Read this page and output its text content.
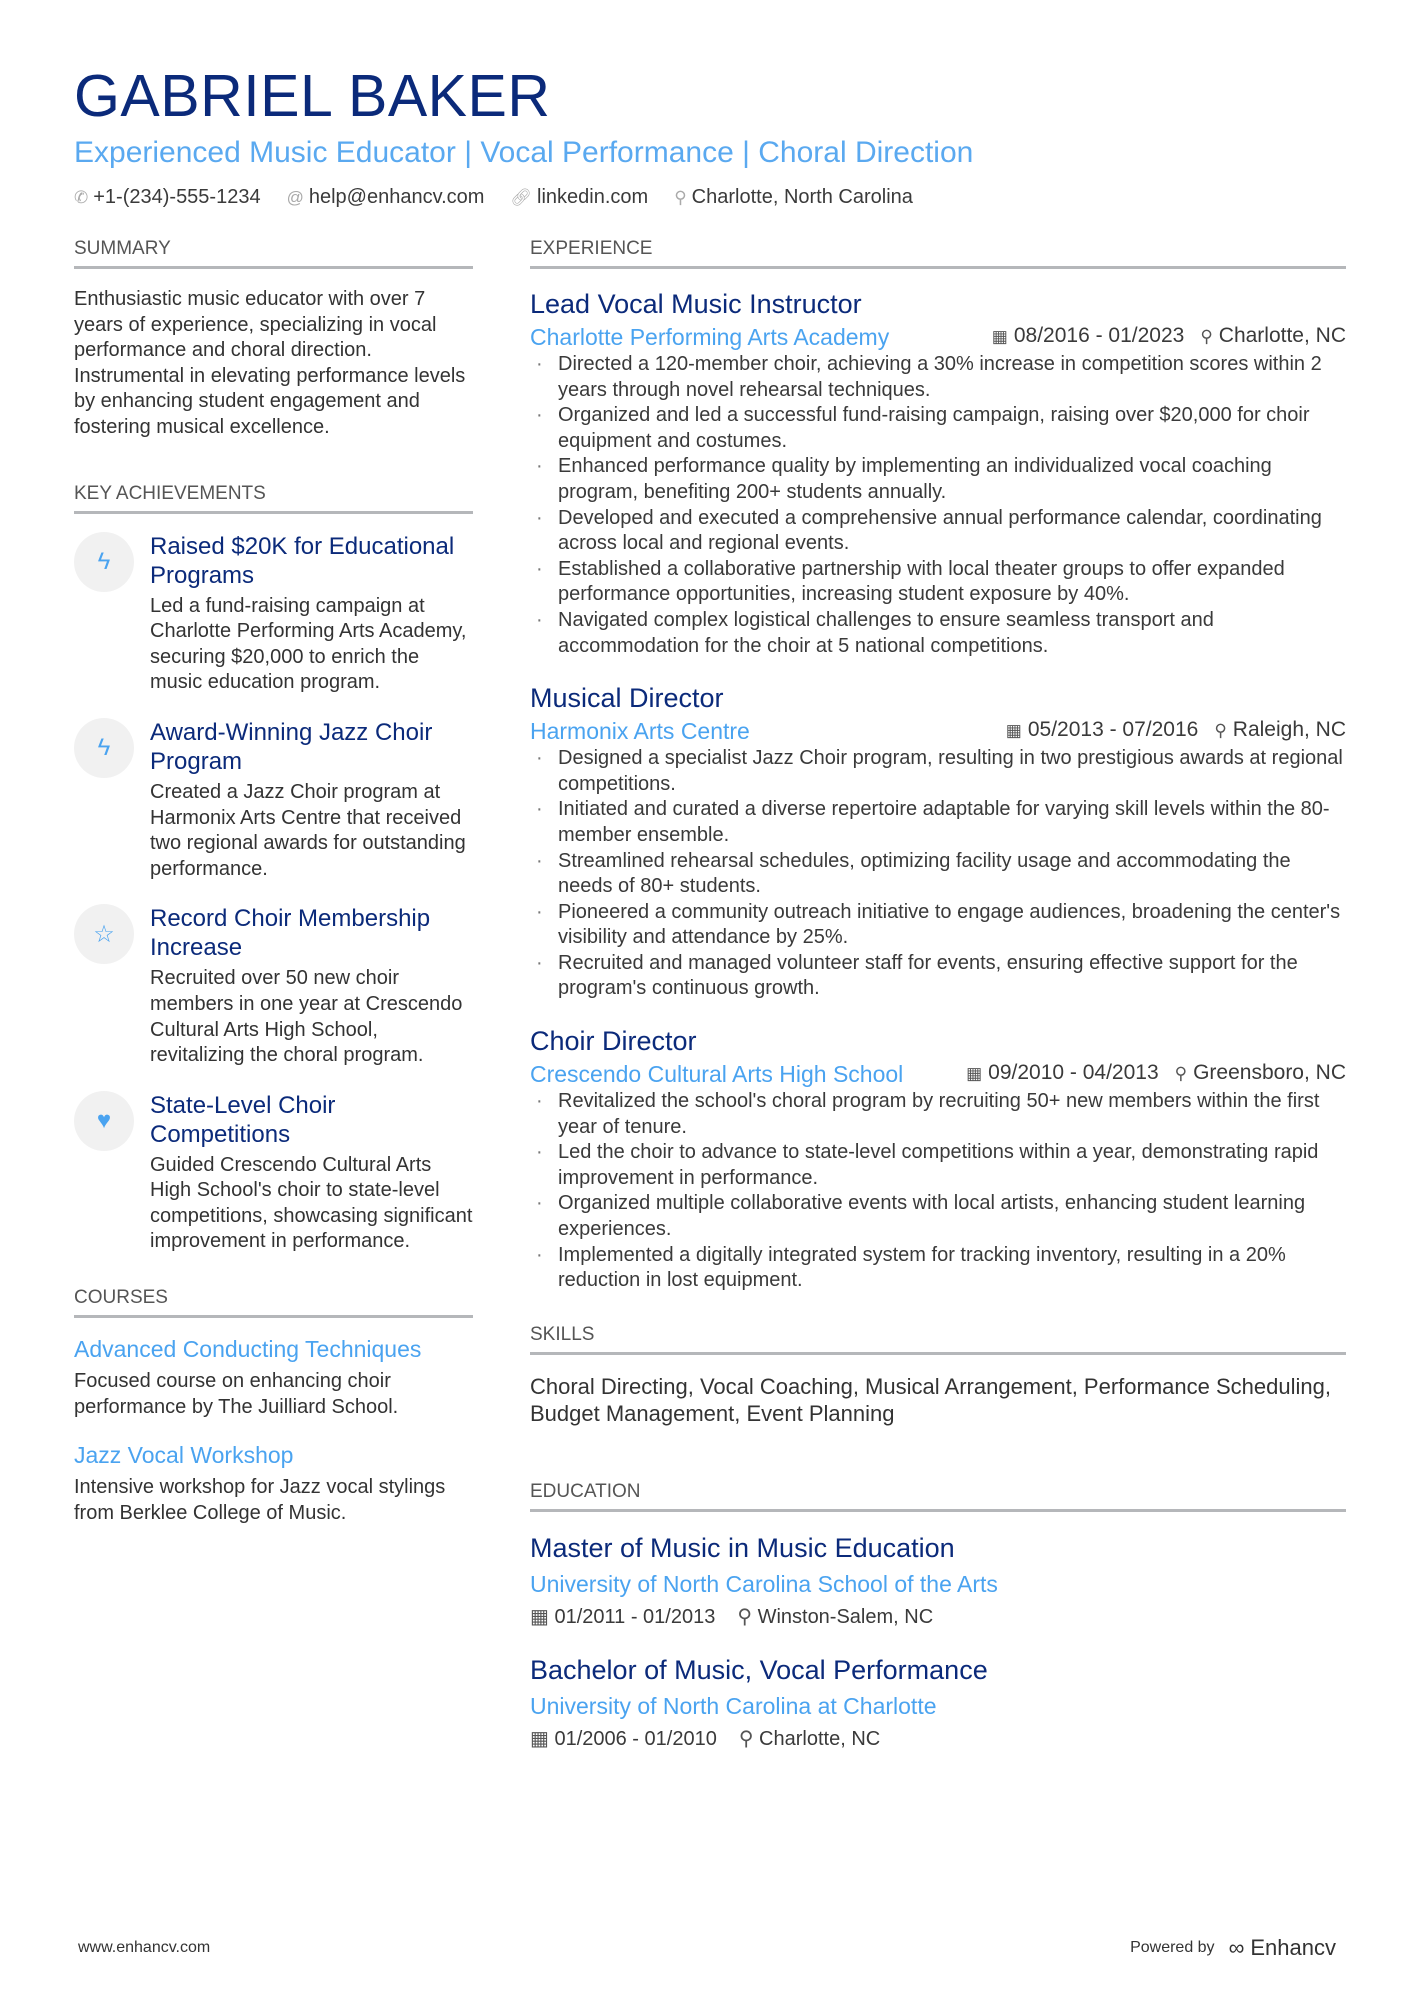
GABRIEL BAKER
Experienced Music Educator | Vocal Performance | Choral Direction
✆ +1-(234)-555-1234 @ help@enhancv.com 🔗︎ linkedin.com ⚲ Charlotte, North Carolina
SUMMARY
Enthusiastic music educator with over 7 years of experience, specializing in vocal performance and choral direction. Instrumental in elevating performance levels by enhancing student engagement and fostering musical excellence.
KEY ACHIEVEMENTS
ϟ
Raised $20K for Educational Programs
Led a fund-raising campaign at Charlotte Performing Arts Academy, securing $20,000 to enrich the music education program.
ϟ
Award-Winning Jazz Choir Program
Created a Jazz Choir program at Harmonix Arts Centre that received two regional awards for outstanding performance.
☆
Record Choir Membership Increase
Recruited over 50 new choir members in one year at Crescendo Cultural Arts High School, revitalizing the choral program.
♥
State-Level Choir Competitions
Guided Crescendo Cultural Arts High School's choir to state-level competitions, showcasing significant improvement in performance.
COURSES
Advanced Conducting Techniques
Focused course on enhancing choir performance by The Juilliard School.
Jazz Vocal Workshop
Intensive workshop for Jazz vocal stylings from Berklee College of Music.
EXPERIENCE
Lead Vocal Music Instructor
Charlotte Performing Arts Academy	▦ 08/2016 - 01/2023 ⚲ Charlotte, NC
· Directed a 120-member choir, achieving a 30% increase in competition scores within 2 years through novel rehearsal techniques.
· Organized and led a successful fund-raising campaign, raising over $20,000 for choir equipment and costumes.
· Enhanced performance quality by implementing an individualized vocal coaching program, benefiting 200+ students annually.
· Developed and executed a comprehensive annual performance calendar, coordinating across local and regional events.
· Established a collaborative partnership with local theater groups to offer expanded performance opportunities, increasing student exposure by 40%.
· Navigated complex logistical challenges to ensure seamless transport and accommodation for the choir at 5 national competitions.
Musical Director
Harmonix Arts Centre	▦ 05/2013 - 07/2016 ⚲ Raleigh, NC
· Designed a specialist Jazz Choir program, resulting in two prestigious awards at regional competitions.
· Initiated and curated a diverse repertoire adaptable for varying skill levels within the 80-member ensemble.
· Streamlined rehearsal schedules, optimizing facility usage and accommodating the needs of 80+ students.
· Pioneered a community outreach initiative to engage audiences, broadening the center's visibility and attendance by 25%.
· Recruited and managed volunteer staff for events, ensuring effective support for the program's continuous growth.
Choir Director
Crescendo Cultural Arts High School	▦ 09/2010 - 04/2013 ⚲ Greensboro, NC
· Revitalized the school's choral program by recruiting 50+ new members within the first year of tenure.
· Led the choir to advance to state-level competitions within a year, demonstrating rapid improvement in performance.
· Organized multiple collaborative events with local artists, enhancing student learning experiences.
· Implemented a digitally integrated system for tracking inventory, resulting in a 20% reduction in lost equipment.
SKILLS
Choral Directing, Vocal Coaching, Musical Arrangement, Performance Scheduling, Budget Management, Event Planning
EDUCATION
Master of Music in Music Education
University of North Carolina School of the Arts
▦ 01/2011 - 01/2013 ⚲ Winston-Salem, NC
Bachelor of Music, Vocal Performance
University of North Carolina at Charlotte
▦ 01/2006 - 01/2010 ⚲ Charlotte, NC
www.enhancv.com	Powered by ∞ Enhancv
